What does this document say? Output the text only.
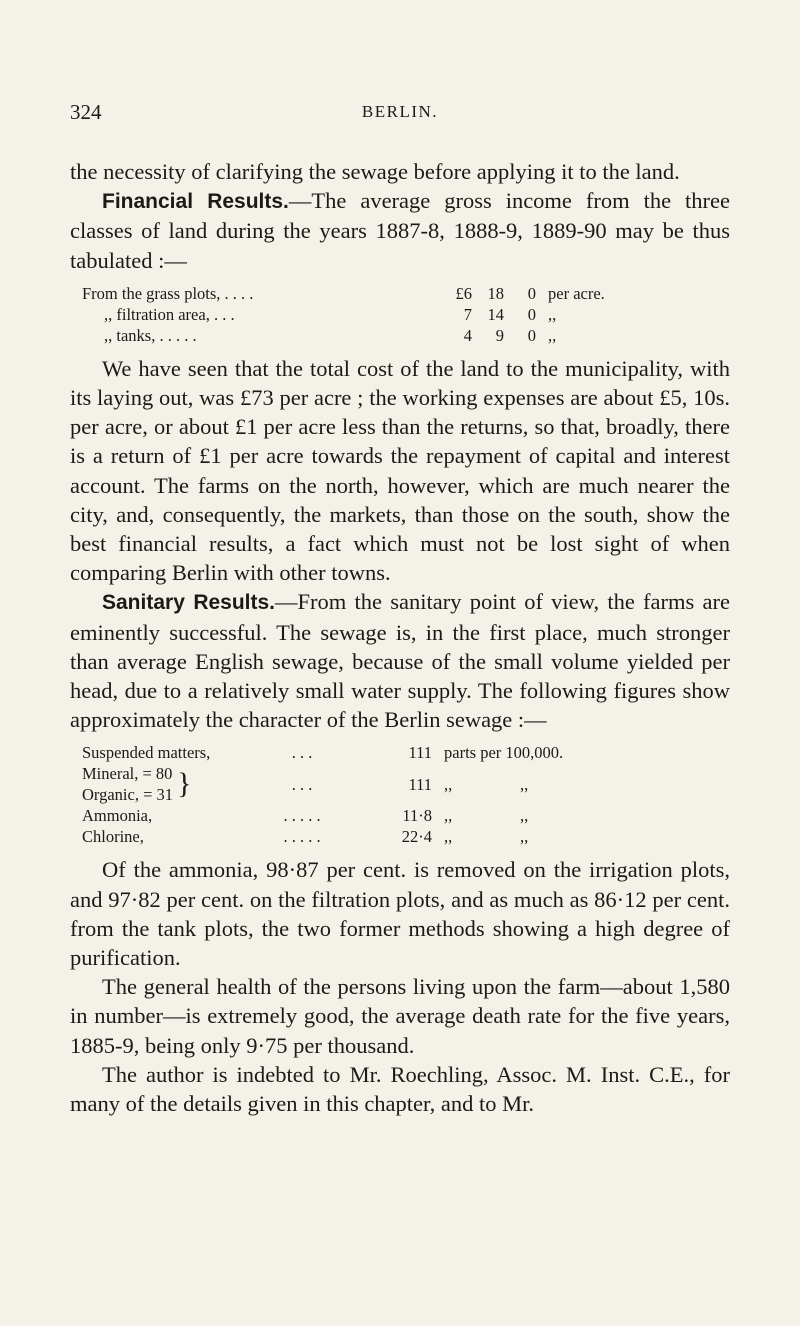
324	BERLIN.

the necessity of clarifying the sewage before applying it to the land.

Financial Results.—The average gross income from the three classes of land during the years 1887-8, 1888-9, 1889-90 may be thus tabulated :—

From the grass plots, . . . .	£6	18	0	per acre.
,, filtration area, . . .	7	14	0	,,
,, tanks, . . . . .	4	9	0	,,

We have seen that the total cost of the land to the municipality, with its laying out, was £73 per acre ; the working expenses are about £5, 10s. per acre, or about £1 per acre less than the returns, so that, broadly, there is a return of £1 per acre towards the repayment of capital and interest account. The farms on the north, however, which are much nearer the city, and, consequently, the markets, than those on the south, show the best financial results, a fact which must not be lost sight of when comparing Berlin with other towns.

Sanitary Results.—From the sanitary point of view, the farms are eminently successful. The sewage is, in the first place, much stronger than average English sewage, because of the small volume yielded per head, due to a relatively small water supply. The following figures show approximately the character of the Berlin sewage :—

Suspended matters,	. . .	111	parts per 100,000.	

Mineral, = 80
Organic, = 31 }	. . .	111	,,	,,
Ammonia,	. . . . .	11·8	,,	,,
Chlorine,	. . . . .	22·4	,,	,,

Of the ammonia, 98·87 per cent. is removed on the irrigation plots, and 97·82 per cent. on the filtration plots, and as much as 86·12 per cent. from the tank plots, the two former methods showing a high degree of purification.

The general health of the persons living upon the farm—about 1,580 in number—is extremely good, the average death rate for the five years, 1885-9, being only 9·75 per thousand.

The author is indebted to Mr. Roechling, Assoc. M. Inst. C.E., for many of the details given in this chapter, and to Mr.
